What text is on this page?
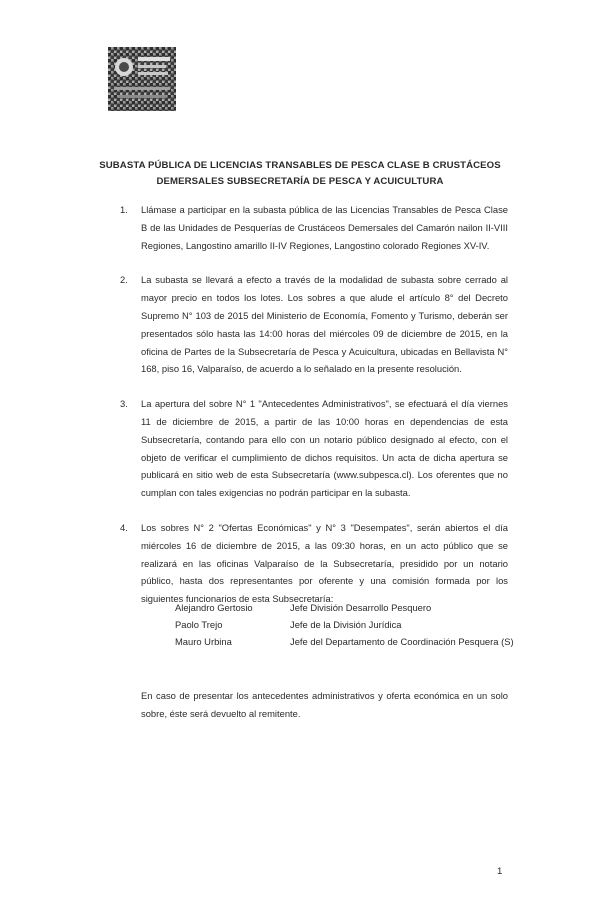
SUBASTA PÚBLICA DE LICENCIAS TRANSABLES DE PESCA CLASE B CRUSTÁCEOS
DEMERSALES SUBSECRETARÍA DE PESCA Y ACUICULTURA
1. Llámase a participar en la subasta pública de las Licencias Transables de Pesca Clase B de las Unidades de Pesquerías de Crustáceos Demersales del Camarón nailon II-VIII Regiones, Langostino amarillo II-IV Regiones, Langostino colorado Regiones XV-IV.
2. La subasta se llevará a efecto a través de la modalidad de subasta sobre cerrado al mayor precio en todos los lotes. Los sobres a que alude el artículo 8° del Decreto Supremo N° 103 de 2015 del Ministerio de Economía, Fomento y Turismo, deberán ser presentados sólo hasta las 14:00 horas del miércoles 09 de diciembre de 2015, en la oficina de Partes de la Subsecretaría de Pesca y Acuicultura, ubicadas en Bellavista N° 168, piso 16, Valparaíso, de acuerdo a lo señalado en la presente resolución.
3. La apertura del sobre N° 1 "Antecedentes Administrativos", se efectuará el día viernes 11 de diciembre de 2015, a partir de las 10:00 horas en dependencias de esta Subsecretaría, contando para ello con un notario público designado al efecto, con el objeto de verificar el cumplimiento de dichos requisitos. Un acta de dicha apertura se publicará en sitio web de esta Subsecretaría (www.subpesca.cl). Los oferentes que no cumplan con tales exigencias no podrán participar en la subasta.
4. Los sobres N° 2 "Ofertas Económicas" y N° 3 "Desempates", serán abiertos el día miércoles 16 de diciembre de 2015, a las 09:30 horas, en un acto público que se realizará en las oficinas Valparaíso de la Subsecretaría, presidido por un notario público, hasta dos representantes por oferente y una comisión formada por los siguientes funcionarios de esta Subsecretaría:
Alejandro Gertosio	Jefe División Desarrollo Pesquero
Paolo Trejo	Jefe de la División Jurídica
Mauro Urbina	Jefe del Departamento de Coordinación Pesquera (S)

En caso de presentar los antecedentes administrativos y oferta económica en un solo sobre, éste será devuelto al remitente.

1
